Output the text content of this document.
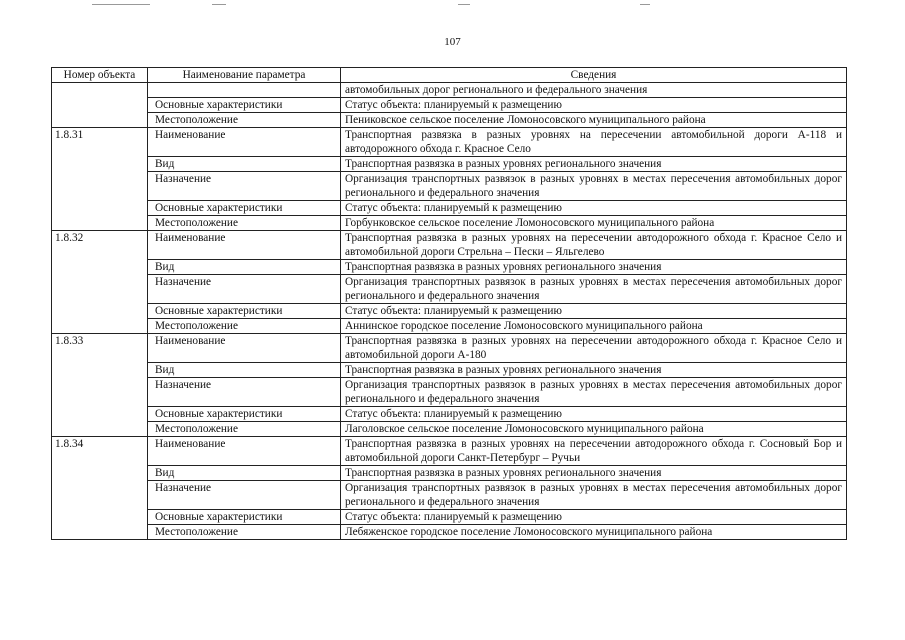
107
Номер объекта	Наименование параметра	Сведения
		автомобильных дорог регионального и федерального значения
	Основные характеристики	Статус объекта: планируемый к размещению
	Местоположение	Пениковское сельское поселение Ломоносовского муниципального района
1.8.31	Наименование	Транспортная развязка в разных уровнях на пересечении автомобильной дороги А-118 и автодорожного обхода г. Красное Село
	Вид	Транспортная развязка в разных уровнях регионального значения
	Назначение	Организация транспортных развязок в разных уровнях в местах пересечения автомобильных дорог регионального и федерального значения
	Основные характеристики	Статус объекта: планируемый к размещению
	Местоположение	Горбунковское сельское поселение Ломоносовского муниципального района
1.8.32	Наименование	Транспортная развязка в разных уровнях на пересечении автодорожного обхода г. Красное Село и автомобильной дороги Стрельна – Пески – Яльгелево
	Вид	Транспортная развязка в разных уровнях регионального значения
	Назначение	Организация транспортных развязок в разных уровнях в местах пересечения автомобильных дорог регионального и федерального значения
	Основные характеристики	Статус объекта: планируемый к размещению
	Местоположение	Аннинское городское поселение Ломоносовского муниципального района
1.8.33	Наименование	Транспортная развязка в разных уровнях на пересечении автодорожного обхода г. Красное Село и автомобильной дороги А-180
	Вид	Транспортная развязка в разных уровнях регионального значения
	Назначение	Организация транспортных развязок в разных уровнях в местах пересечения автомобильных дорог регионального и федерального значения
	Основные характеристики	Статус объекта: планируемый к размещению
	Местоположение	Лаголовское сельское поселение Ломоносовского муниципального района
1.8.34	Наименование	Транспортная развязка в разных уровнях на пересечении автодорожного обхода г. Сосновый Бор и автомобильной дороги Санкт-Петербург – Ручьи
	Вид	Транспортная развязка в разных уровнях регионального значения
	Назначение	Организация транспортных развязок в разных уровнях в местах пересечения автомобильных дорог регионального и федерального значения
	Основные характеристики	Статус объекта: планируемый к размещению
	Местоположение	Лебяженское городское поселение Ломоносовского муниципального района
